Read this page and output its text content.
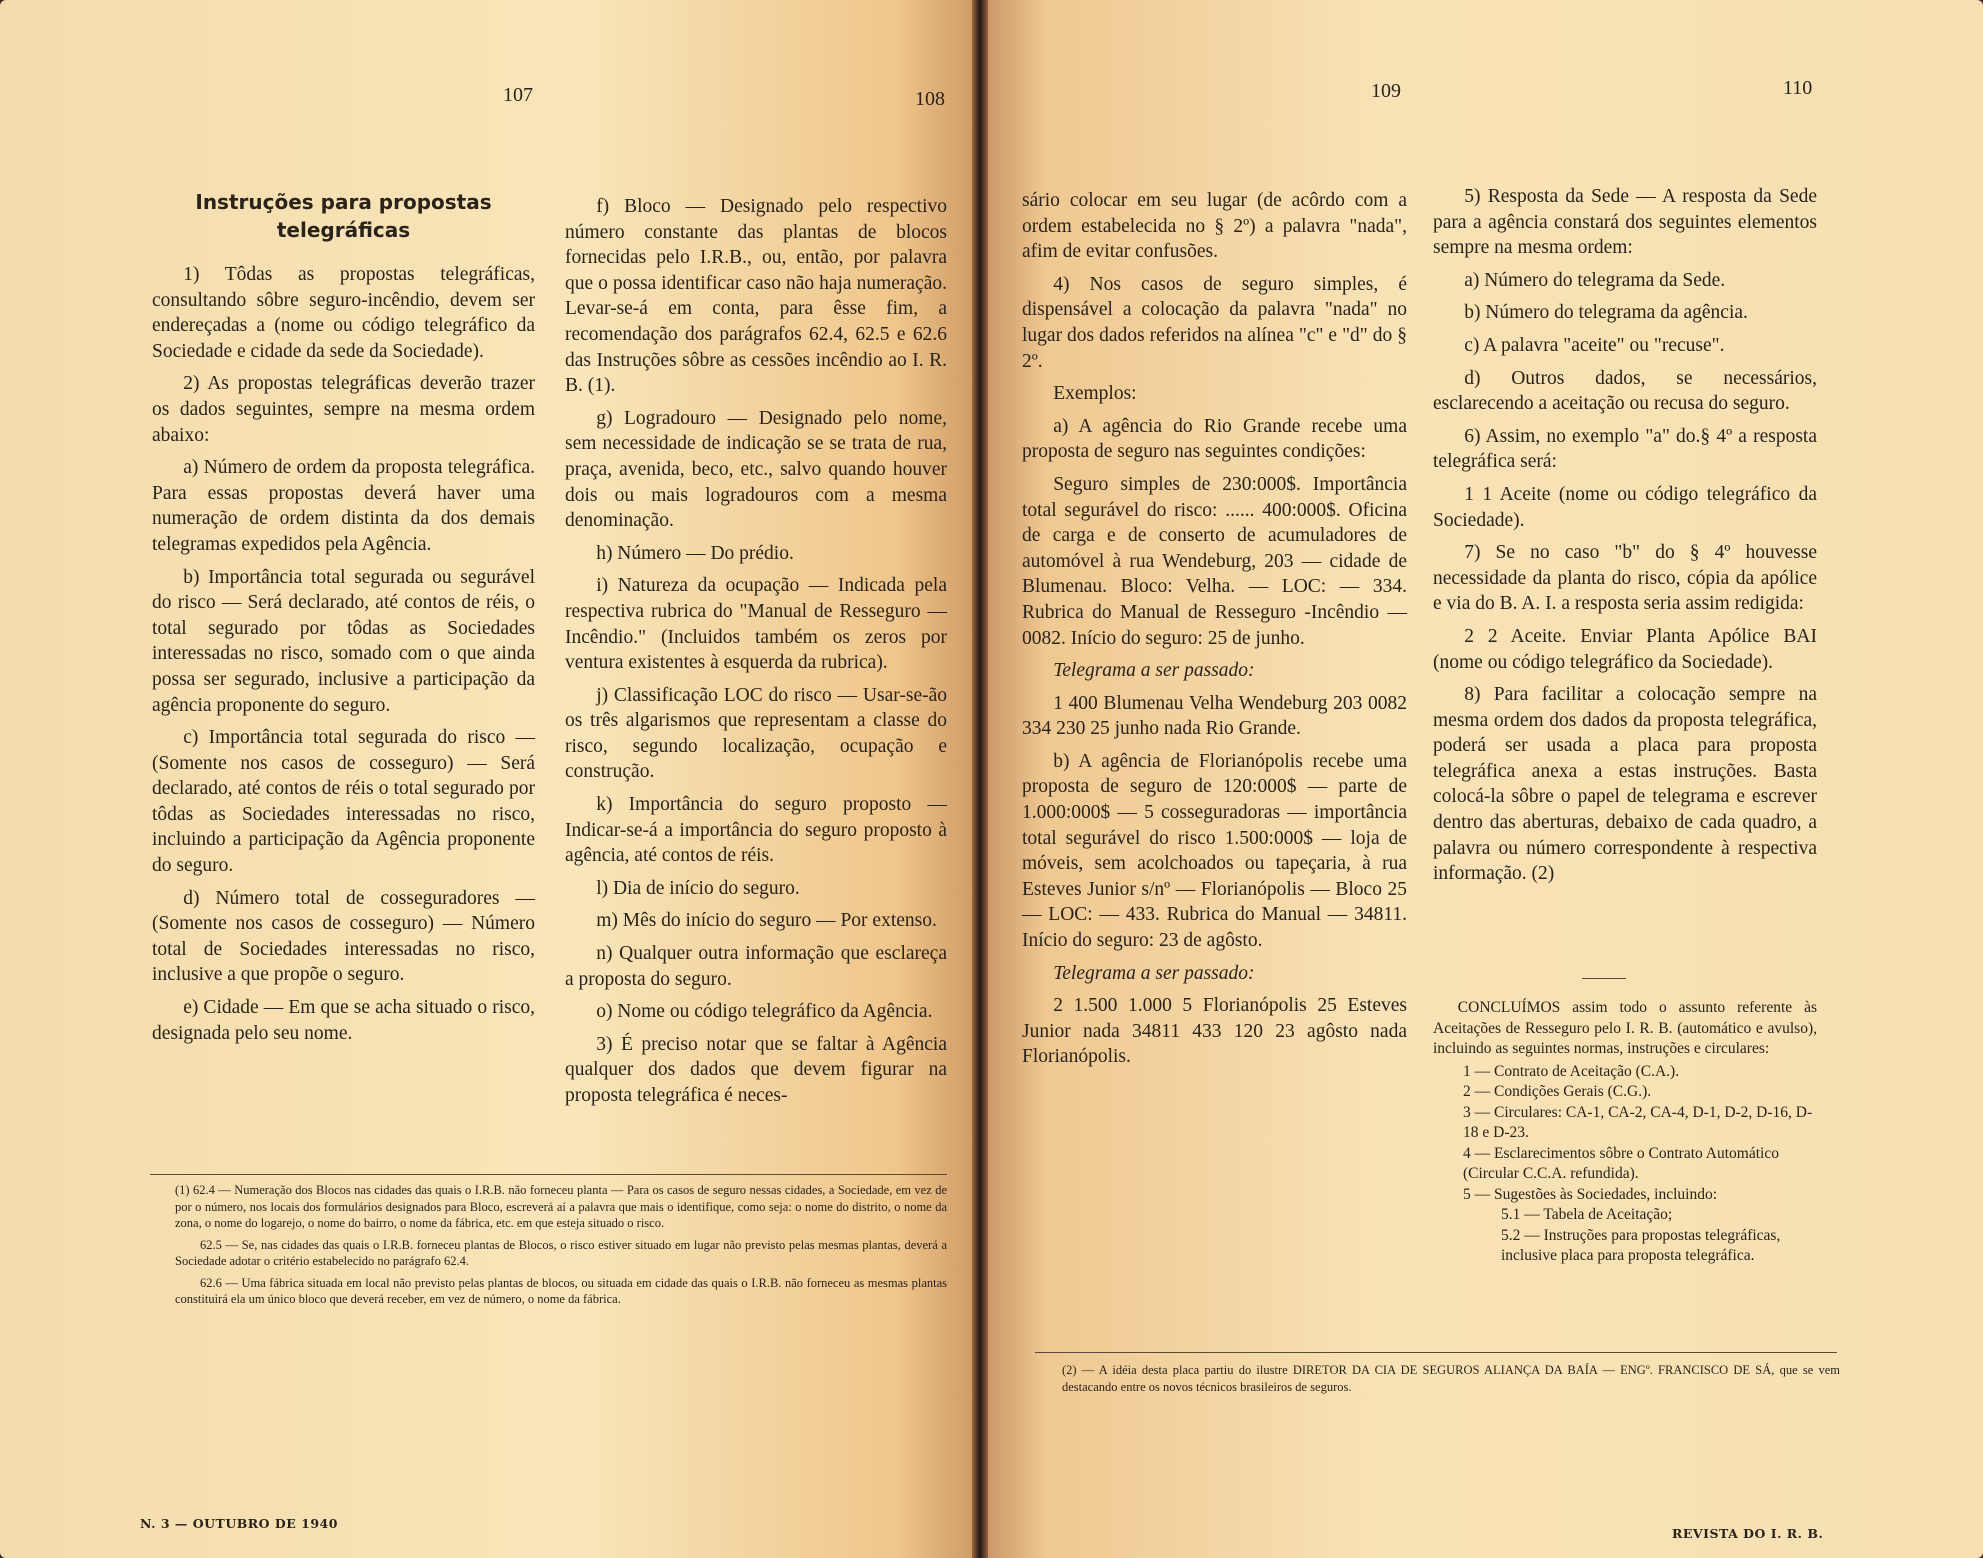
107	108	109	110
Instruções para propostas telegráficas

1) Tôdas as propostas telegráficas, consultando sôbre seguro-incêndio, devem ser endereçadas a (nome ou código telegráfico da Sociedade e cidade da sede da Sociedade).

2) As propostas telegráficas deverão trazer os dados seguintes, sempre na mesma ordem abaixo:

a) Número de ordem da proposta telegráfica. Para essas propostas deverá haver uma numeração de ordem distinta da dos demais telegramas expedidos pela Agência.

b) Importância total segurada ou segurável do risco — Será declarado, até contos de réis, o total segurado por tôdas as Sociedades interessadas no risco, somado com o que ainda possa ser segurado, inclusive a participação da agência proponente do seguro.

c) Importância total segurada do risco — (Somente nos casos de cosseguro) — Será declarado, até contos de réis o total segurado por tôdas as Sociedades interessadas no risco, incluindo a participação da Agência proponente do seguro.

d) Número total de cosseguradores — (Somente nos casos de cosseguro) — Número total de Sociedades interessadas no risco, inclusive a que propõe o seguro.

e) Cidade — Em que se acha situado o risco, designada pelo seu nome.

f) Bloco — Designado pelo respectivo número constante das plantas de blocos fornecidas pelo I.R.B., ou, então, por palavra que o possa identificar caso não haja numeração. Levar-se-á em conta, para êsse fim, a recomendação dos parágrafos 62.4, 62.5 e 62.6 das Instruções sôbre as cessões incêndio ao I. R. B. (1).

g) Logradouro — Designado pelo nome, sem necessidade de indicação se se trata de rua, praça, avenida, beco, etc., salvo quando houver dois ou mais logradouros com a mesma denominação.

h) Número — Do prédio.

i) Natureza da ocupação — Indicada pela respectiva rubrica do "Manual de Resseguro — Incêndio." (Incluidos também os zeros por ventura existentes à esquerda da rubrica).

j) Classificação LOC do risco — Usar-se-ão os três algarismos que representam a classe do risco, segundo localização, ocupação e construção.

k) Importância do seguro proposto — Indicar-se-á a importância do seguro proposto à agência, até contos de réis.

l) Dia de início do seguro.

m) Mês do início do seguro — Por extenso.

n) Qualquer outra informação que esclareça a proposta do seguro.

o) Nome ou código telegráfico da Agência.

3) É preciso notar que se faltar à Agência qualquer dos dados que devem figurar na proposta telegráfica é neces-

(1) 62.4 — Numeração dos Blocos nas cidades das quais o I.R.B. não forneceu planta — Para os casos de seguro nessas cidades, a Sociedade, em vez de por o número, nos locais dos formulários designados para Bloco, escreverá aí a palavra que mais o identifique, como seja: o nome do distrito, o nome da zona, o nome do logarejo, o nome do bairro, o nome da fábrica, etc. em que esteja situado o risco.

62.5 — Se, nas cidades das quais o I.R.B. forneceu plantas de Blocos, o risco estiver situado em lugar não previsto pelas mesmas plantas, deverá a Sociedade adotar o critério estabelecido no parágrafo 62.4.

62.6 — Uma fábrica situada em local não previsto pelas plantas de blocos, ou situada em cidade das quais o I.R.B. não forneceu as mesmas plantas constituirá ela um único bloco que deverá receber, em vez de número, o nome da fábrica.

N. 3 — OUTUBRO DE 1940

sário colocar em seu lugar (de acôrdo com a ordem estabelecida no § 2º) a palavra "nada", afim de evitar confusões.

4) Nos casos de seguro simples, é dispensável a colocação da palavra "nada" no lugar dos dados referidos na alínea "c" e "d" do § 2º.

Exemplos:

a) A agência do Rio Grande recebe uma proposta de seguro nas seguintes condições:

Seguro simples de 230:000$. Importância total segurável do risco: ...... 400:000$. Oficina de carga e de conserto de acumuladores de automóvel à rua Wendeburg, 203 — cidade de Blumenau. Bloco: Velha. — LOC: — 334. Rubrica do Manual de Resseguro -Incêndio — 0082. Início do seguro: 25 de junho.

Telegrama a ser passado:

1 400 Blumenau Velha Wendeburg 203 0082 334 230 25 junho nada Rio Grande.

b) A agência de Florianópolis recebe uma proposta de seguro de 120:000$ — parte de 1.000:000$ — 5 cosseguradoras — importância total segurável do risco 1.500:000$ — loja de móveis, sem acolchoados ou tapeçaria, à rua Esteves Junior s/nº — Florianópolis — Bloco 25 — LOC: — 433. Rubrica do Manual — 34811. Início do seguro: 23 de agôsto.

Telegrama a ser passado:

2 1.500 1.000 5 Florianópolis 25 Esteves Junior nada 34811 433 120 23 agôsto nada Florianópolis.

5) Resposta da Sede — A resposta da Sede para a agência constará dos seguintes elementos sempre na mesma ordem:

a) Número do telegrama da Sede.

b) Número do telegrama da agência.

c) A palavra "aceite" ou "recuse".

d) Outros dados, se necessários, esclarecendo a aceitação ou recusa do seguro.

6) Assim, no exemplo "a" do.§ 4º a resposta telegráfica será:

1 1 Aceite (nome ou código telegráfico da Sociedade).

7) Se no caso "b" do § 4º houvesse necessidade da planta do risco, cópia da apólice e via do B. A. I. a resposta seria assim redigida:

2 2 Aceite. Enviar Planta Apólice BAI (nome ou código telegráfico da Sociedade).

8) Para facilitar a colocação sempre na mesma ordem dos dados da proposta telegráfica, poderá ser usada a placa para proposta telegráfica anexa a estas instruções. Basta colocá-la sôbre o papel de telegrama e escrever dentro das aberturas, debaixo de cada quadro, a palavra ou número correspondente à respectiva informação. (2)

CONCLUÍMOS assim todo o assunto referente às Aceitações de Resseguro pelo I. R. B. (automático e avulso), incluindo as seguintes normas, instruções e circulares:

1 — Contrato de Aceitação (C.A.).

2 — Condições Gerais (C.G.).

3 — Circulares: CA-1, CA-2, CA-4, D-1, D-2, D-16, D-18 e D-23.

4 — Esclarecimentos sôbre o Contrato Automático (Circular C.C.A. refundida).

5 — Sugestões às Sociedades, incluindo:

5.1 — Tabela de Aceitação;

5.2 — Instruções para propostas telegráficas, inclusive placa para proposta telegráfica.

(2) — A idéia desta placa partiu do ilustre DIRETOR DA CIA DE SEGUROS ALIANÇA DA BAÍA — ENGº. FRANCISCO DE SÁ, que se vem destacando entre os novos técnicos brasileiros de seguros.

REVISTA DO I. R. B.
